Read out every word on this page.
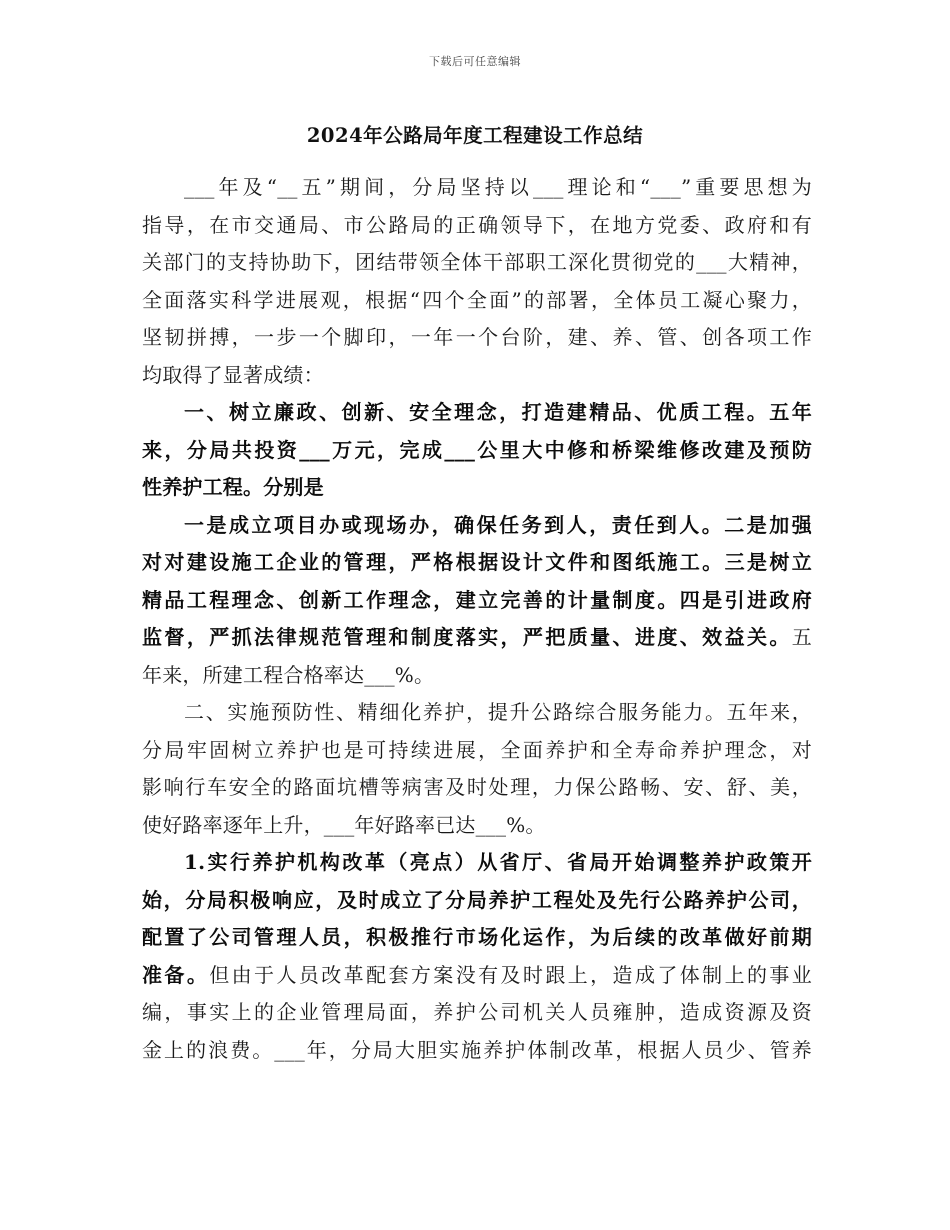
下载后可任意编辑
2024年公路局年度工程建设工作总结
___年及“__五”期间，分局坚持以___理论和“___”重要思想为
指导，在市交通局、市公路局的正确领导下，在地方党委、政府和有
关部门的支持协助下，团结带领全体干部职工深化贯彻党的___大精神，
全面落实科学进展观，根据“四个全面”的部署，全体员工凝心聚力，
坚韧拼搏，一步一个脚印，一年一个台阶，建、养、管、创各项工作
均取得了显著成绩：
一、树立廉政、创新、安全理念，打造建精品、优质工程。五年
来，分局共投资___万元，完成___公里大中修和桥梁维修改建及预防
性养护工程。分别是
一是成立项目办或现场办，确保任务到人，责任到人。二是加强
对对建设施工企业的管理，严格根据设计文件和图纸施工。三是树立
精品工程理念、创新工作理念，建立完善的计量制度。四是引进政府
监督，严抓法律规范管理和制度落实，严把质量、进度、效益关。五
年来，所建工程合格率达___%。
二、实施预防性、精细化养护，提升公路综合服务能力。五年来，
分局牢固树立养护也是可持续进展，全面养护和全寿命养护理念，对
影响行车安全的路面坑槽等病害及时处理，力保公路畅、安、舒、美，
使好路率逐年上升，___年好路率已达___%。
1.实行养护机构改革（亮点）从省厅、省局开始调整养护政策开
始，分局积极响应，及时成立了分局养护工程处及先行公路养护公司，
配置了公司管理人员，积极推行市场化运作，为后续的改革做好前期
准备。但由于人员改革配套方案没有及时跟上，造成了体制上的事业
编，事实上的企业管理局面，养护公司机关人员雍肿，造成资源及资
金上的浪费。___年，分局大胆实施养护体制改革，根据人员少、管养
